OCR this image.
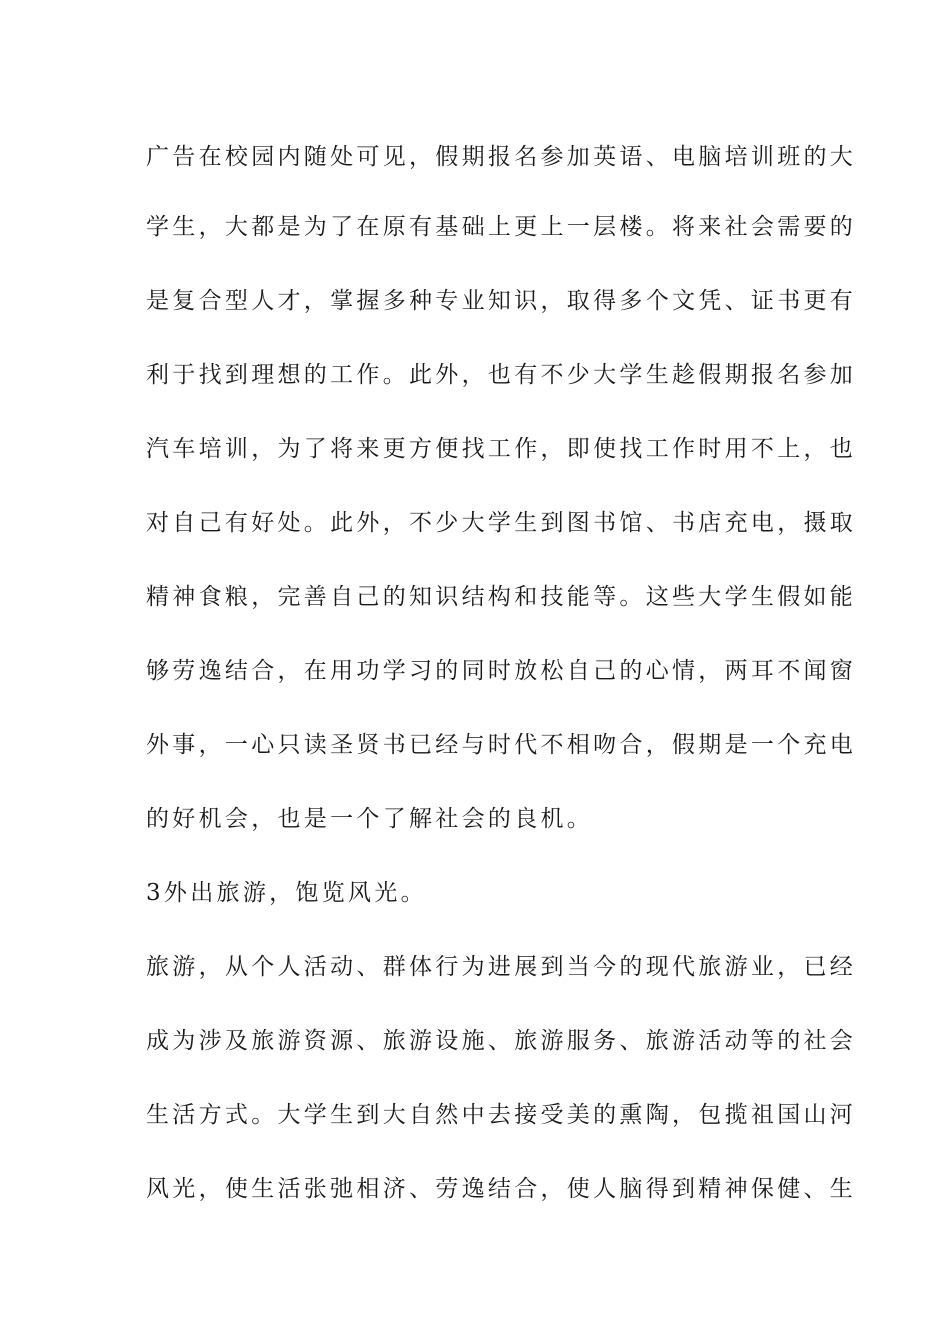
广告在校园内随处可见，假期报名参加英语、电脑培训班的大
学生，大都是为了在原有基础上更上一层楼。将来社会需要的
是复合型人才，掌握多种专业知识，取得多个文凭、证书更有
利于找到理想的工作。此外，也有不少大学生趁假期报名参加
汽车培训，为了将来更方便找工作，即使找工作时用不上，也
对自己有好处。此外，不少大学生到图书馆、书店充电，摄取
精神食粮，完善自己的知识结构和技能等。这些大学生假如能
够劳逸结合，在用功学习的同时放松自己的心情，两耳不闻窗
外事，一心只读圣贤书已经与时代不相吻合，假期是一个充电
的好机会，也是一个了解社会的良机。
3外出旅游，饱览风光。
旅游，从个人活动、群体行为进展到当今的现代旅游业，已经
成为涉及旅游资源、旅游设施、旅游服务、旅游活动等的社会
生活方式。大学生到大自然中去接受美的熏陶，包揽祖国山河
风光，使生活张弛相济、劳逸结合，使人脑得到精神保健、生
